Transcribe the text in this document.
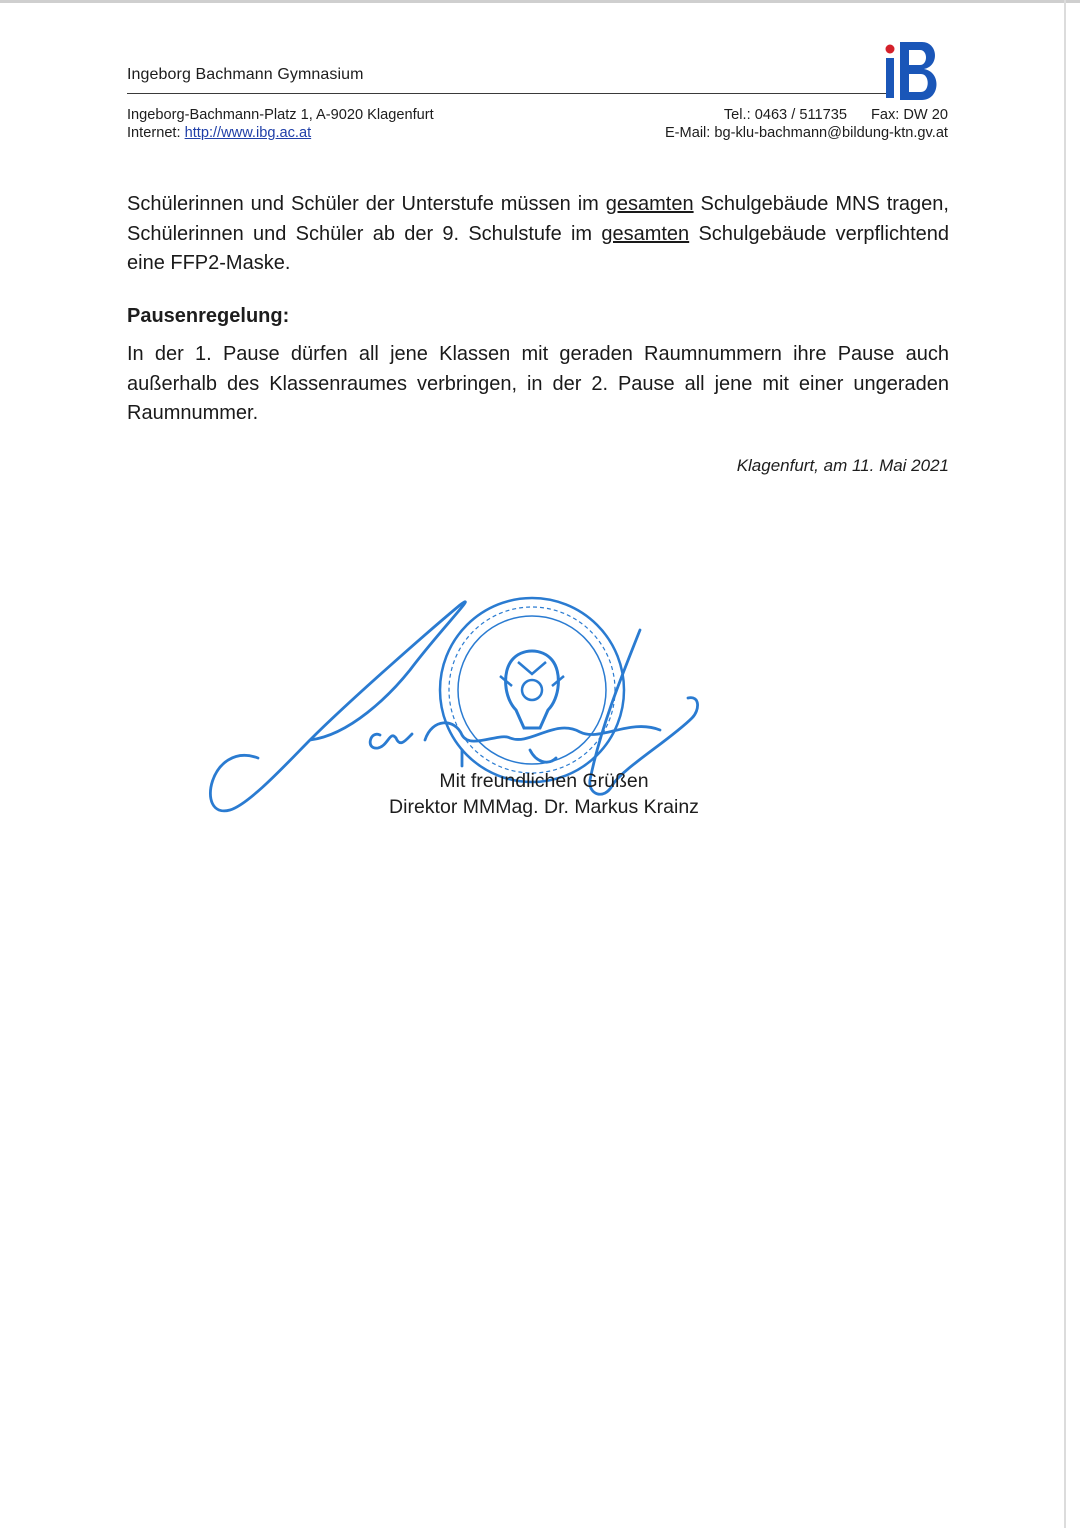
Ingeborg Bachmann Gymnasium
Ingeborg-Bachmann-Platz 1, A-9020 Klagenfurt
Internet: http://www.ibg.ac.at
Tel.: 0463 / 511735 Fax: DW 20
E-Mail: bg-klu-bachmann@bildung-ktn.gv.at
Schülerinnen und Schüler der Unterstufe müssen im gesamten Schulgebäude MNS tragen, Schülerinnen und Schüler ab der 9. Schulstufe im gesamten Schulgebäude verpflichtend eine FFP2-Maske.
Pausenregelung:
In der 1. Pause dürfen all jene Klassen mit geraden Raumnummern ihre Pause auch außerhalb des Klassenraumes verbringen, in der 2. Pause all jene mit einer ungeraden Raumnummer.
Klagenfurt, am 11. Mai 2021
Mit freundlichen Grüßen
Direktor MMMag. Dr. Markus Krainz
